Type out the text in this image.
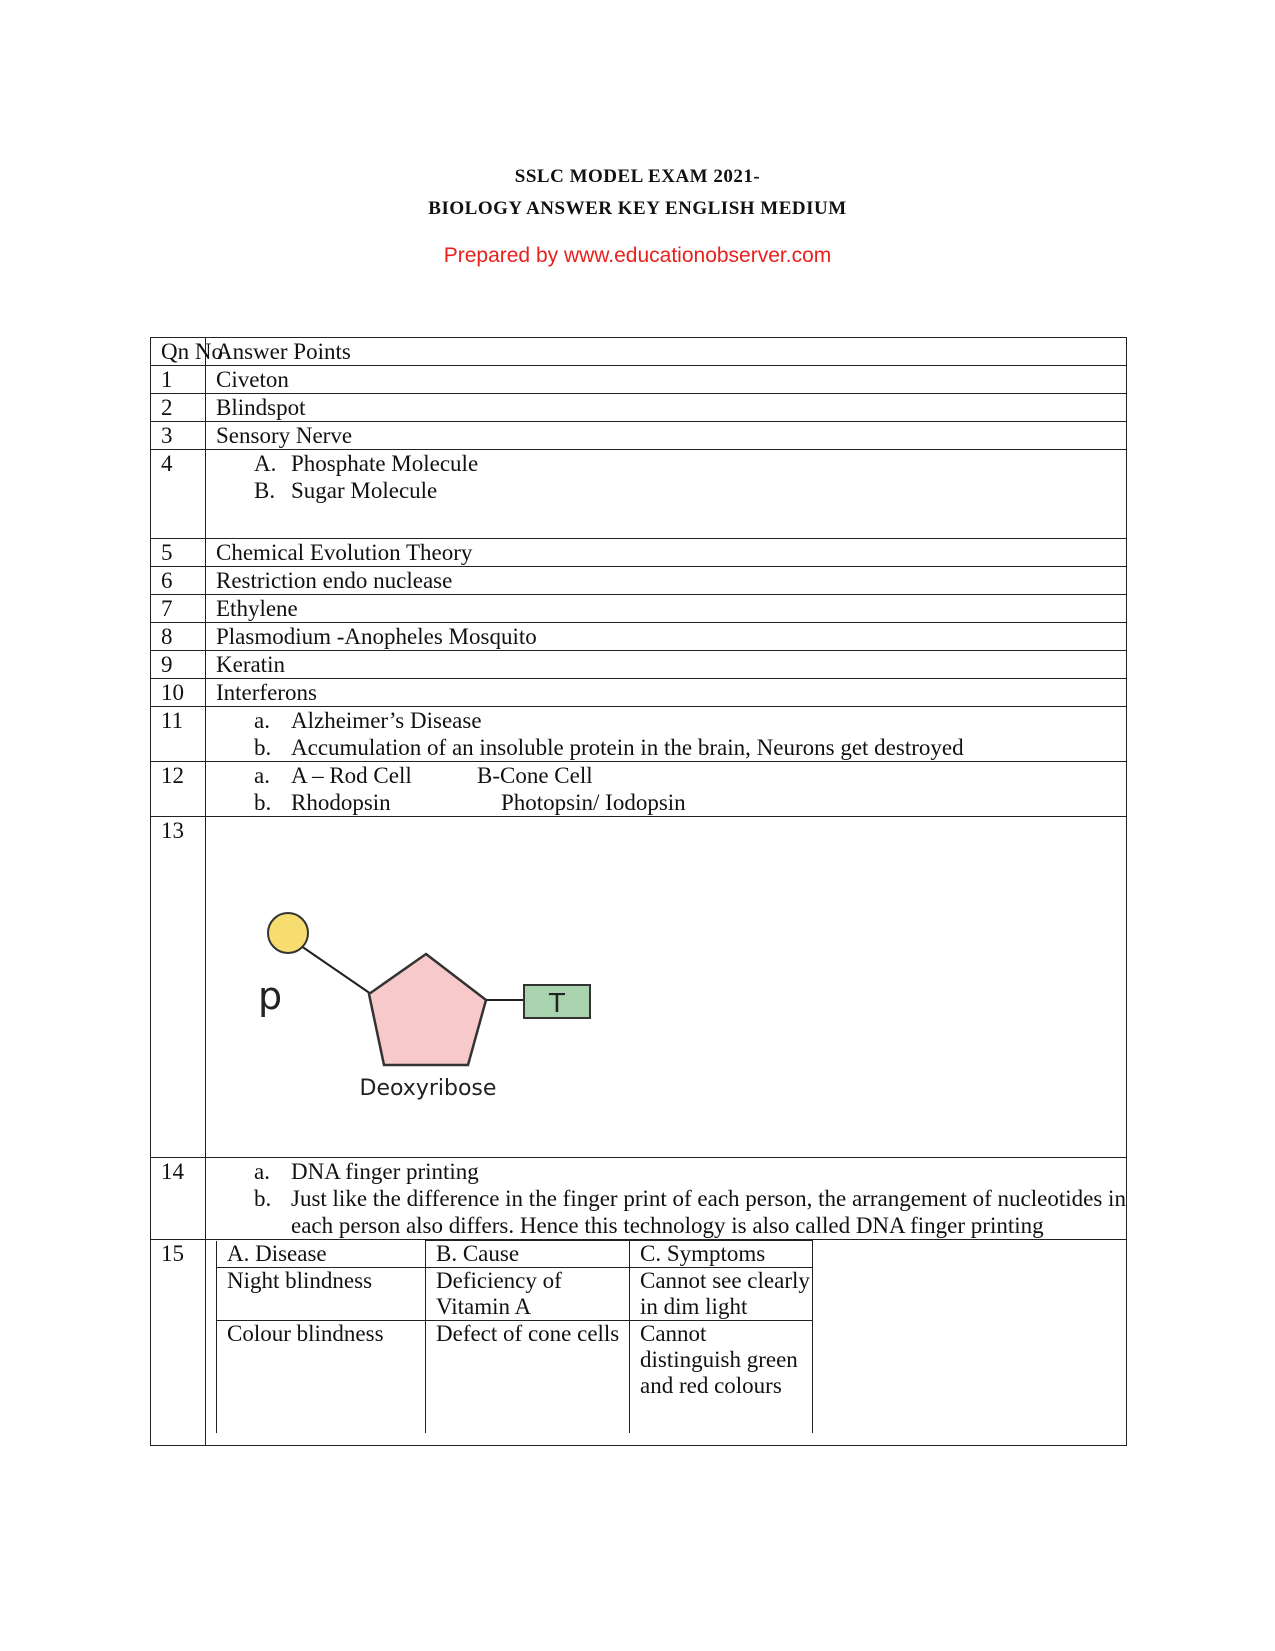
SSLC MODEL EXAM 2021-
BIOLOGY ANSWER KEY ENGLISH MEDIUM
Prepared by www.educationobserver.com
Qn No	Answer Points
1	Civeton
2	Blindspot
3	Sensory Nerve
4	A. Phosphate Molecule
B. Sugar Molecule

5	Chemical Evolution Theory
6	Restriction endo nuclease
7	Ethylene
8	Plasmodium -Anopheles Mosquito
9	Keratin
10	Interferons
11	a. Alzheimer’s Disease
b. Accumulation of an insoluble protein in the brain, Neurons get destroyed

12	a. A – Rod Cell	B-Cone Cell
b. Rhodopsin	Photopsin/ Iodopsin

13	
p	T
Deoxyribose

14	a. DNA finger printing
b. Just like the difference in the finger print of each person, the arrangement of nucleotides in each person also differs. Hence this technology is also called DNA finger printing

15	A. Disease	B. Cause	C. Symptoms
Night blindness	Deficiency of Vitamin A	Cannot see clearly in dim light
Colour blindness	Defect of cone cells	Cannot distinguish green and red colours
